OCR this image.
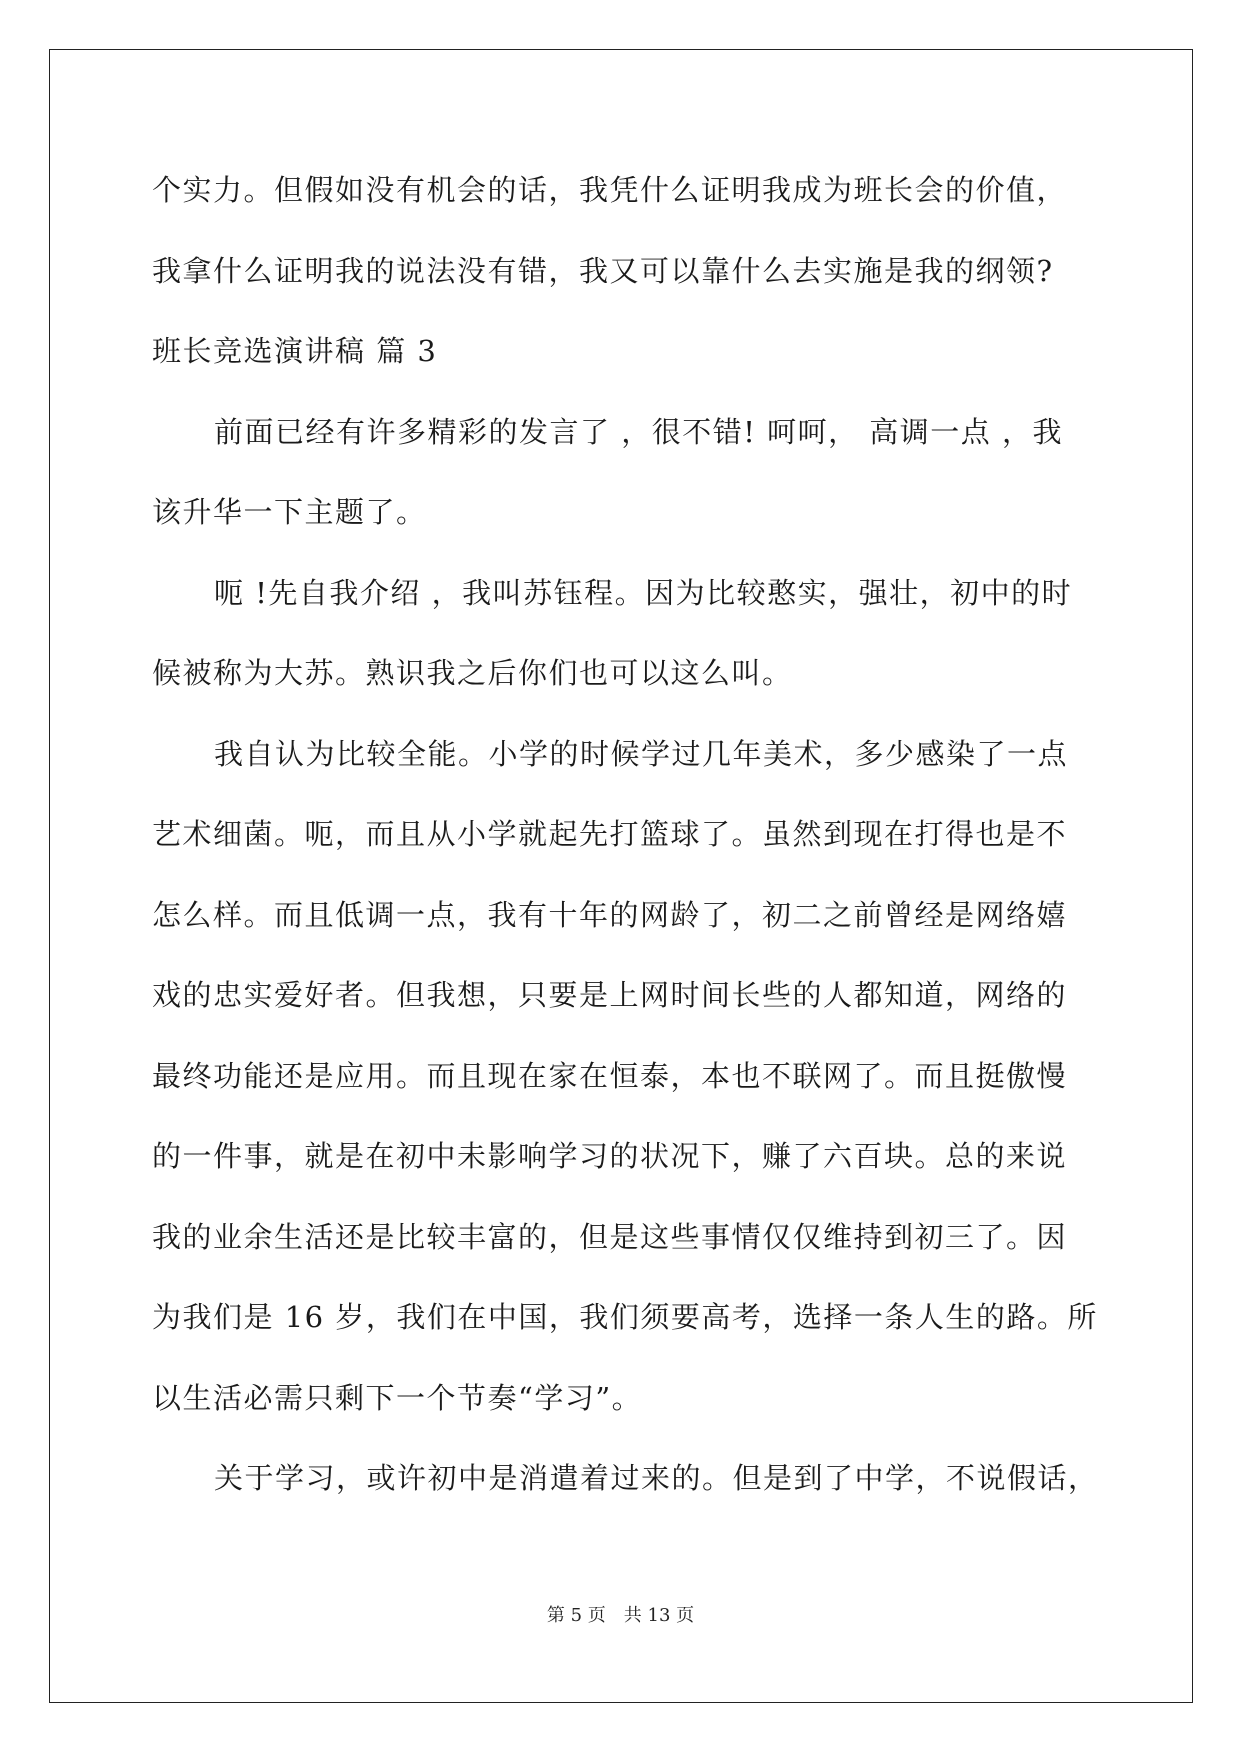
个实力。但假如没有机会的话，我凭什么证明我成为班长会的价值，
我拿什么证明我的说法没有错，我又可以靠什么去实施是我的纲领?
班长竞选演讲稿 篇 3
前面已经有许多精彩的发言了 ，很不错! 呵呵， 高调一点 ，我
该升华一下主题了。
呃 !先自我介绍 ，我叫苏钰程。因为比较憨实，强壮，初中的时
候被称为大苏。熟识我之后你们也可以这么叫。
我自认为比较全能。小学的时候学过几年美术，多少感染了一点
艺术细菌。呃，而且从小学就起先打篮球了。虽然到现在打得也是不
怎么样。而且低调一点，我有十年的网龄了，初二之前曾经是网络嬉
戏的忠实爱好者。但我想，只要是上网时间长些的人都知道，网络的
最终功能还是应用。而且现在家在恒泰，本也不联网了。而且挺傲慢
的一件事，就是在初中未影响学习的状况下，赚了六百块。总的来说
我的业余生活还是比较丰富的，但是这些事情仅仅维持到初三了。因
为我们是 16 岁，我们在中国，我们须要高考，选择一条人生的路。所
以生活必需只剩下一个节奏“学习”。
关于学习，或许初中是消遣着过来的。但是到了中学，不说假话，
第 5 页 共 13 页
